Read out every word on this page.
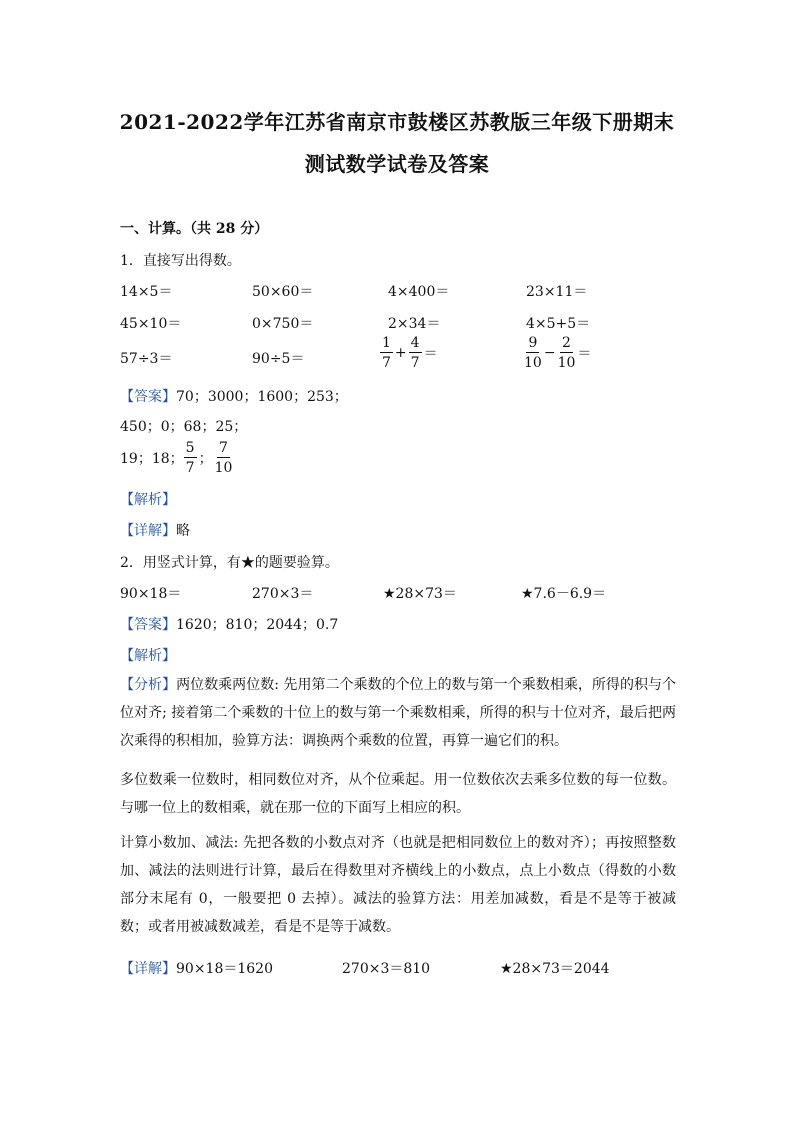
2021-2022学年江苏省南京市鼓楼区苏教版三年级下册期末
测试数学试卷及答案
一、计算。（共 28 分）
1．直接写出得数。
14×5＝	50×60＝	4×400＝	23×11＝
45×10＝	0×750＝	2×34＝	4×5+5＝
57÷3＝	90÷5＝	$\frac{1}{7} + \frac{4}{7}$ ＝	$\frac{9}{10} - \frac{2}{10}$ ＝
【答案】70；3000；1600；253；
450；0；68；25；
19；18； $\frac{5}{7}$ ； $\frac{7}{10}$
【解析】
【详解】略
2．用竖式计算，有★的题要验算。
90×18＝	270×3＝	★28×73＝	★7.6－6.9＝
【答案】1620；810；2044；0.7
【解析】
【分析】两位数乘两位数: 先用第二个乘数的个位上的数与第一个乘数相乘，所得的积与个位对齐; 接着第二个乘数的十位上的数与第一个乘数相乘，所得的积与十位对齐，最后把两次乘得的积相加，验算方法：调换两个乘数的位置，再算一遍它们的积。
多位数乘一位数时，相同数位对齐，从个位乘起。用一位数依次去乘多位数的每一位数。与哪一位上的数相乘，就在那一位的下面写上相应的积。
计算小数加、减法: 先把各数的小数点对齐（也就是把相同数位上的数对齐）；再按照整数加、减法的法则进行计算，最后在得数里对齐横线上的小数点，点上小数点（得数的小数部分末尾有 0，一般要把 0 去掉）。减法的验算方法：用差加减数，看是不是等于被减数；或者用被减数减差，看是不是等于减数。
【详解】 90×18＝1620	270×3＝810	★28×73＝2044
